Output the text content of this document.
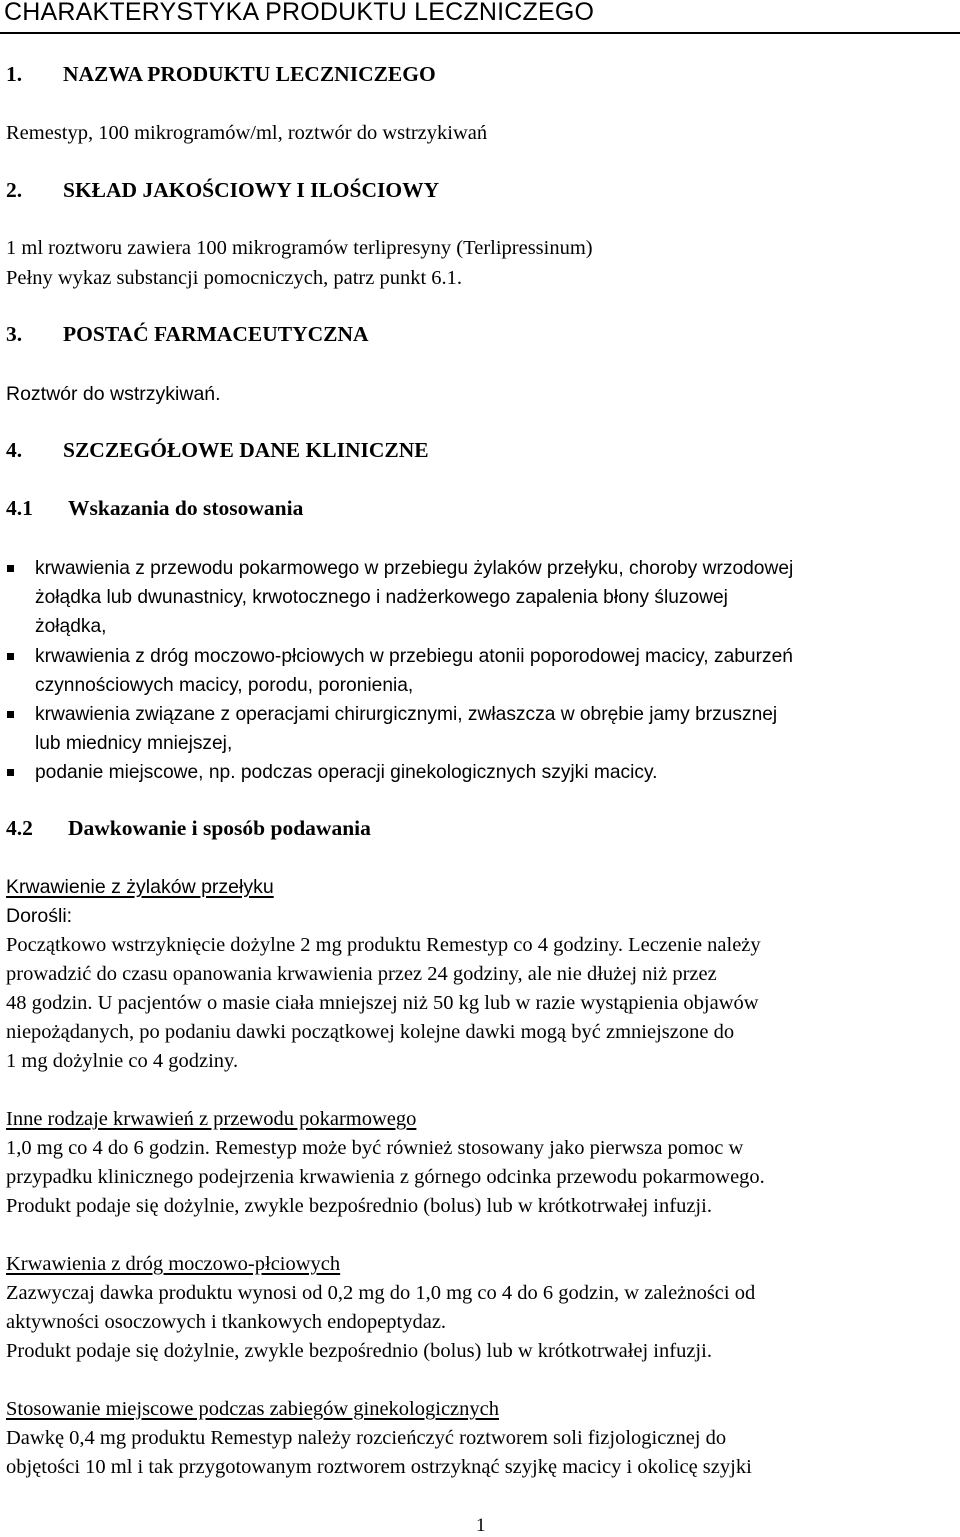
CHARAKTERYSTYKA PRODUKTU LECZNICZEGO
1. NAZWA PRODUKTU LECZNICZEGO
Remestyp, 100 mikrogramów/ml, roztwór do wstrzykiwań
2. SKŁAD JAKOŚCIOWY I ILOŚCIOWY
1 ml roztworu zawiera 100 mikrogramów terlipresyny (Terlipressinum)
Pełny wykaz substancji pomocniczych, patrz punkt 6.1.
3. POSTAĆ FARMACEUTYCZNA
Roztwór do wstrzykiwań.
4. SZCZEGÓŁOWE DANE KLINICZNE
4.1 Wskazania do stosowania
krwawienia z przewodu pokarmowego w przebiegu żylaków przełyku, choroby wrzodowej
żołądka lub dwunastnicy, krwotocznego i nadżerkowego zapalenia błony śluzowej
żołądka,
krwawienia z dróg moczowo-płciowych w przebiegu atonii poporodowej macicy, zaburzeń
czynnościowych macicy, porodu, poronienia,
krwawienia związane z operacjami chirurgicznymi, zwłaszcza w obrębie jamy brzusznej
lub miednicy mniejszej,
podanie miejscowe, np. podczas operacji ginekologicznych szyjki macicy.
4.2 Dawkowanie i sposób podawania
Krwawienie z żylaków przełyku
Dorośli:
Początkowo wstrzyknięcie dożylne 2 mg produktu Remestyp co 4 godziny. Leczenie należy
prowadzić do czasu opanowania krwawienia przez 24 godziny, ale nie dłużej niż przez
48 godzin. U pacjentów o masie ciała mniejszej niż 50 kg lub w razie wystąpienia objawów
niepożądanych, po podaniu dawki początkowej kolejne dawki mogą być zmniejszone do
1 mg dożylnie co 4 godziny.
Inne rodzaje krwawień z przewodu pokarmowego
1,0 mg co 4 do 6 godzin. Remestyp może być również stosowany jako pierwsza pomoc w
przypadku klinicznego podejrzenia krwawienia z górnego odcinka przewodu pokarmowego.
Produkt podaje się dożylnie, zwykle bezpośrednio (bolus) lub w krótkotrwałej infuzji.
Krwawienia z dróg moczowo-płciowych
Zazwyczaj dawka produktu wynosi od 0,2 mg do 1,0 mg co 4 do 6 godzin, w zależności od
aktywności osoczowych i tkankowych endopeptydaz.
Produkt podaje się dożylnie, zwykle bezpośrednio (bolus) lub w krótkotrwałej infuzji.
Stosowanie miejscowe podczas zabiegów ginekologicznych
Dawkę 0,4 mg produktu Remestyp należy rozcieńczyć roztworem soli fizjologicznej do
objętości 10 ml i tak przygotowanym roztworem ostrzyknąć szyjkę macicy i okolicę szyjki
1
